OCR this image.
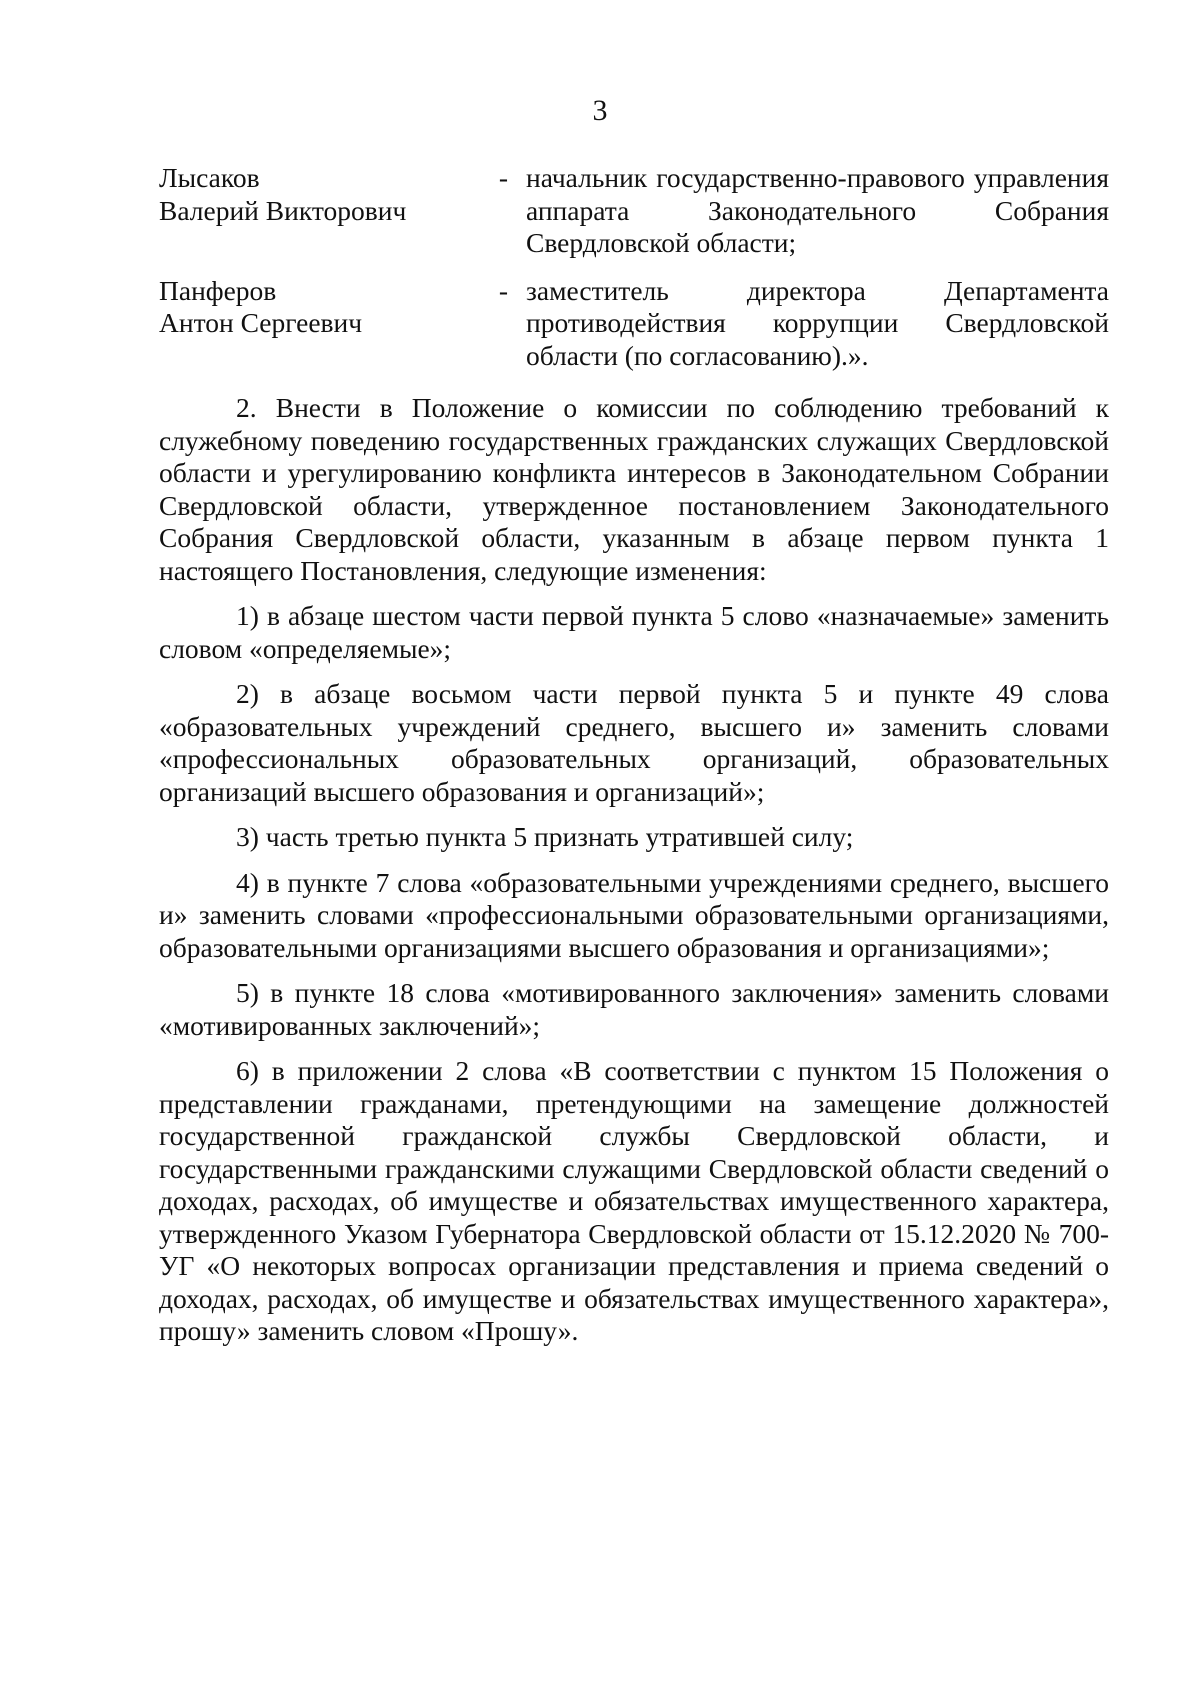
3
Лысаков
Валерий Викторович
- начальник государственно-правового управления аппарата Законодательного Собрания Свердловской области;
Панферов
Антон Сергеевич
- заместитель директора Департамента противодействия коррупции Свердловской области (по согласованию).».

2. Внести в Положение о комиссии по соблюдению требований к служебному поведению государственных гражданских служащих Свердловской области и урегулированию конфликта интересов в Законодательном Собрании Свердловской области, утвержденное постановлением Законодательного Собрания Свердловской области, указанным в абзаце первом пункта 1 настоящего Постановления, следующие изменения:

1) в абзаце шестом части первой пункта 5 слово «назначаемые» заменить словом «определяемые»;

2) в абзаце восьмом части первой пункта 5 и пункте 49 слова «образовательных учреждений среднего, высшего и» заменить словами «профессиональных образовательных организаций, образовательных организаций высшего образования и организаций»;

3) часть третью пункта 5 признать утратившей силу;

4) в пункте 7 слова «образовательными учреждениями среднего, высшего и» заменить словами «профессиональными образовательными организациями, образовательными организациями высшего образования и организациями»;

5) в пункте 18 слова «мотивированного заключения» заменить словами «мотивированных заключений»;

6) в приложении 2 слова «В соответствии с пунктом 15 Положения о представлении гражданами, претендующими на замещение должностей государственной гражданской службы Свердловской области, и государственными гражданскими служащими Свердловской области сведений о доходах, расходах, об имуществе и обязательствах имущественного характера, утвержденного Указом Губернатора Свердловской области от 15.12.2020 № 700-УГ «О некоторых вопросах организации представления и приема сведений о доходах, расходах, об имуществе и обязательствах имущественного характера», прошу» заменить словом «Прошу».
